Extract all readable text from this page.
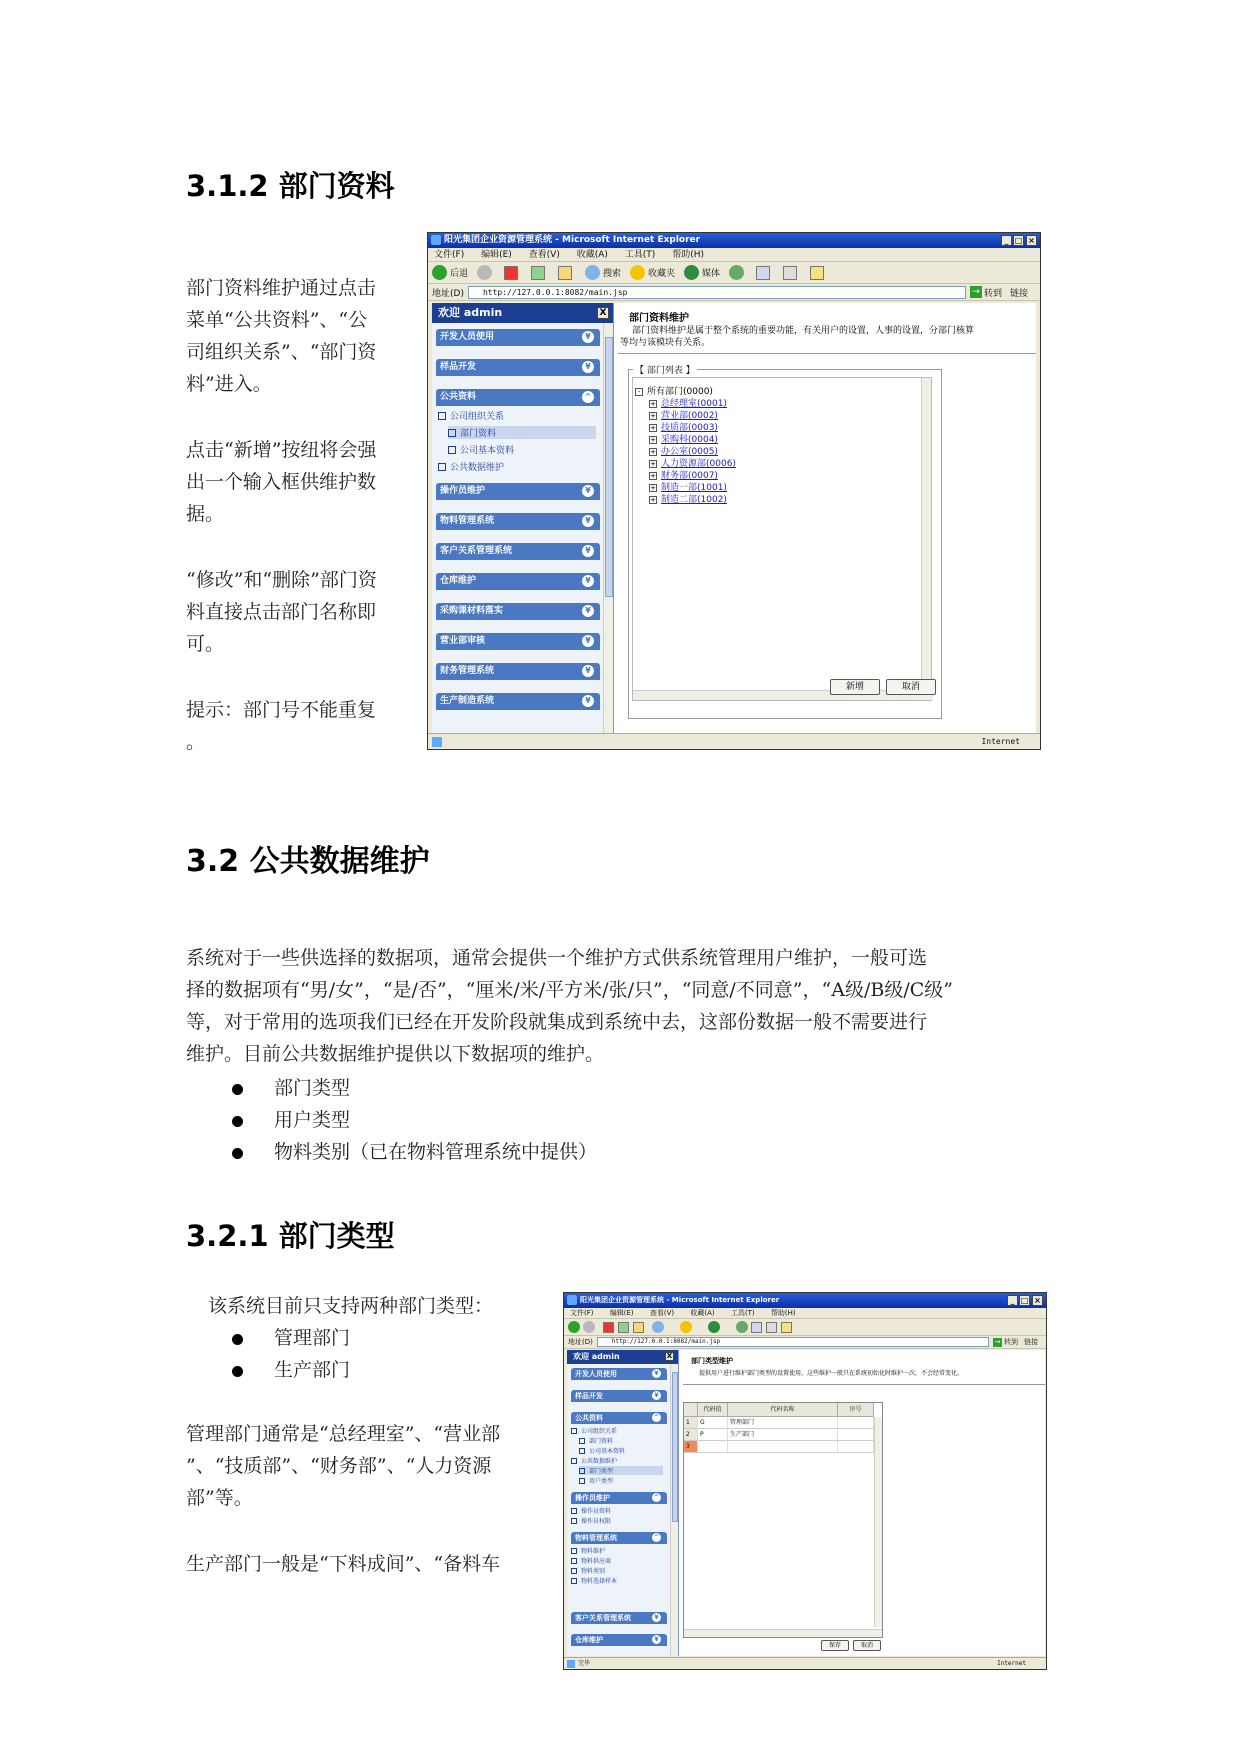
3.1.2 部门资料
部门资料维护通过点击
菜单“公共资料”、“公
司组织关系”、“部门资
料”进入。
点击“新增”按纽将会强
出一个输入框供维护数
据。
“修改”和“删除”部门资
料直接点击部门名称即
可。
提示：部门号不能重复
。
阳光集团企业资源管理系统 - Microsoft Internet Explorer	_ □ ×
文件(F) 编辑(E) 查看(V) 收藏(A) 工具(T) 帮助(H)
后退	搜索	收藏夹	媒体
地址(D)	http://127.0.0.1:8082/main.jsp	→ 转到 链接
欢迎 admin	X
开发人员使用	¥
样品开发	¥
公共资料	^
公司组织关系
部门资料
公司基本资料
公共数据维护
操作员维护	¥
物料管理系统	¥
客户关系管理系统	¥
仓库维护	¥
采购课材料落实	¥
营业部审核	¥
财务管理系统	¥
生产制造系统	¥
部门资料维护
部门资料维护是属于整个系统的重要功能，有关用户的设置，人事的设置，分部门核算
等均与该模块有关系。
【 部门列表 】
- 所有部门(0000)
+ 总经理室(0001)
+ 营业部(0002)
+ 技质部(0003)
+ 采购科(0004)
+ 办公室(0005)
+ 人力资源部(0006)
+ 财务部(0007)
+ 制造一部(1001)
+ 制造二部(1002)
新增	取消
Internet
3.2 公共数据维护
系统对于一些供选择的数据项，通常会提供一个维护方式供系统管理用户维护，一般可选
择的数据项有“男/女”，“是/否”，“厘米/米/平方米/张/只”，“同意/不同意”，“A级/B级/C级”
等，对于常用的选项我们已经在开发阶段就集成到系统中去，这部份数据一般不需要进行
维护。目前公共数据维护提供以下数据项的维护。
部门类型
用户类型
物料类别（已在物料管理系统中提供）
3.2.1 部门类型
该系统目前只支持两种部门类型：
管理部门
生产部门
管理部门通常是“总经理室”、“营业部
”、“技质部”、“财务部”、“人力资源
部”等。
生产部门一般是“下料成间”、“备料车
阳光集团企业资源管理系统 - Microsoft Internet Explorer	_ □ ×
文件(F) 编辑(E) 查看(V) 收藏(A) 工具(T) 帮助(H)
地址(D)	http://127.0.0.1:8082/main.jsp	→ 转到 链接
欢迎 admin	X
开发人员使用	¥
样品开发	¥
公共资料	^
公司组织关系
部门资料
公司基本资料
公共数据维护
部门类型
用户类型
操作员维护	^
操作员资料
操作员权限
物料管理系统	^
物料维护
物料供应商
物料类别
物料选择样本
客户关系管理系统	¥
仓库维护	¥
部门类型维护
提供用户进行维护部门类型的设置使用，这些维护一般只在系统初始化时维护一次，不会经常变化。
代码值	代码名称	序号
1	G	管理部门
2	P	生产部门
3
保存	取消
完毕	Internet
